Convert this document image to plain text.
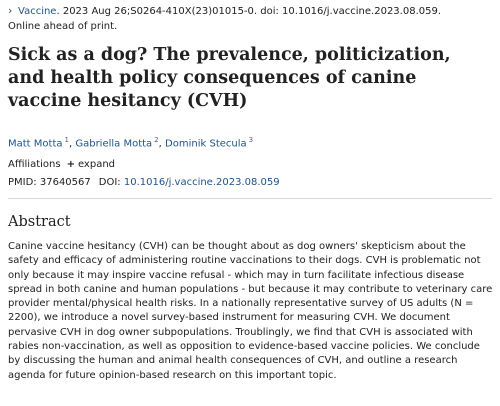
› Vaccine. 2023 Aug 26;S0264-410X(23)01015-0. doi: 10.1016/j.vaccine.2023.08.059.
Online ahead of print.
Sick as a dog? The prevalence, politicization, and health policy consequences of canine vaccine hesitancy (CVH)
Matt Motta $^1$, Gabriella Motta $^2$, Dominik Stecula $^3$
Affiliations + expand
PMID: 37640567 DOI: 10.1016/j.vaccine.2023.08.059
Abstract

Canine vaccine hesitancy (CVH) can be thought about as dog owners' skepticism about the safety and efficacy of administering routine vaccinations to their dogs. CVH is problematic not only because it may inspire vaccine refusal - which may in turn facilitate infectious disease spread in both canine and human populations - but because it may contribute to veterinary care provider mental/physical health risks. In a nationally representative survey of US adults (N = 2200), we introduce a novel survey-based instrument for measuring CVH. We document pervasive CVH in dog owner subpopulations. Troublingly, we find that CVH is associated with rabies non-vaccination, as well as opposition to evidence-based vaccine policies. We conclude by discussing the human and animal health consequences of CVH, and outline a research agenda for future opinion-based research on this important topic.
